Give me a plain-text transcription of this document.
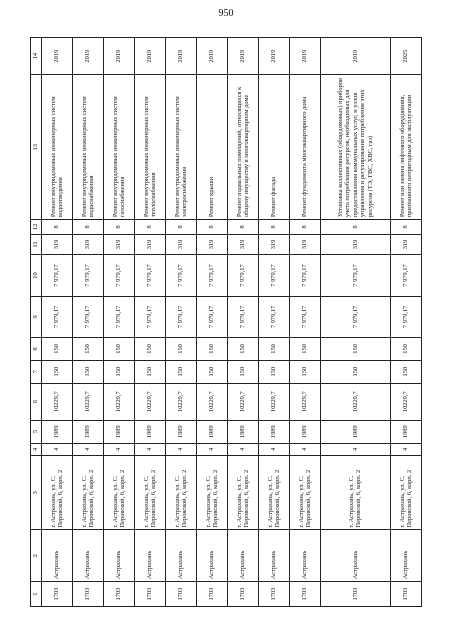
950
1	2	3	4	5	6	7	8	9	10	11	12	13	14
1703	Астрахань	г. Астрахань, ул. С. Перовской, 6, корп. 2	4	1989	10229,7	150	150	7 979,17	7 979,17	319	8	Ремонт внутридомовых инженерных систем водоотведения	2019
1703	Астрахань	г. Астрахань, ул. С. Перовской, 6, корп. 2	4	1989	10229,7	150	150	7 979,17	7 979,17	319	8	Ремонт внутридомовых инженерных систем водоснабжения	2019
1703	Астрахань	г. Астрахань, ул. С. Перовской, 6, корп. 2	4	1989	10229,7	150	150	7 979,17	7 979,17	319	8	Ремонт внутридомовых инженерных систем газоснабжения	2019
1703	Астрахань	г. Астрахань, ул. С. Перовской, 6, корп. 2	4	1989	10229,7	150	150	7 979,17	7 979,17	319	8	Ремонт внутридомовых инженерных систем теплоснабжения	2019
1703	Астрахань	г. Астрахань, ул. С. Перовской, 6, корп. 2	4	1989	10229,7	150	150	7 979,17	7 979,17	319	8	Ремонт внутридомовых инженерных систем электроснабжения	2019
1703	Астрахань	г. Астрахань, ул. С. Перовской, 6, корп. 2	4	1989	10229,7	150	150	7 979,17	7 979,17	319	8	Ремонт крыши	2019
1703	Астрахань	г. Астрахань, ул. С. Перовской, 6, корп. 2	4	1989	10229,7	150	150	7 979,17	7 979,17	319	8	Ремонт подвальных помещений, относящихся к общему имуществу в многоквартирном доме	2019
1703	Астрахань	г. Астрахань, ул. С. Перовской, 6, корп. 2	4	1989	10229,7	150	150	7 979,17	7 979,17	319	8	Ремонт фасада	2019
1703	Астрахань	г. Астрахань, ул. С. Перовской, 6, корп. 2	4	1989	10229,7	150	150	7 979,17	7 979,17	319	8	Ремонт фундамента многоквартирного дома	2019
1703	Астрахань	г. Астрахань, ул. С. Перовской, 6, корп. 2	4	1989	10229,7	150	150	7 979,17	7 979,17	319	8	Установка коллективных (общедомовых) приборов учета потребления ресурсов, необходимых для предоставления коммунальных услуг, и узлов управления и регулирования потребления этих ресурсов (ТЭ, ГВС, ХВС, газ)	2019
1703	Астрахань	г. Астрахань, ул. С. Перовской, 6, корп. 2	4	1989	10229,7	150	150	7 979,17	7 979,17	319	8	Ремонт или замена лифтового оборудования, признанного непригодным для эксплуатации	2025
